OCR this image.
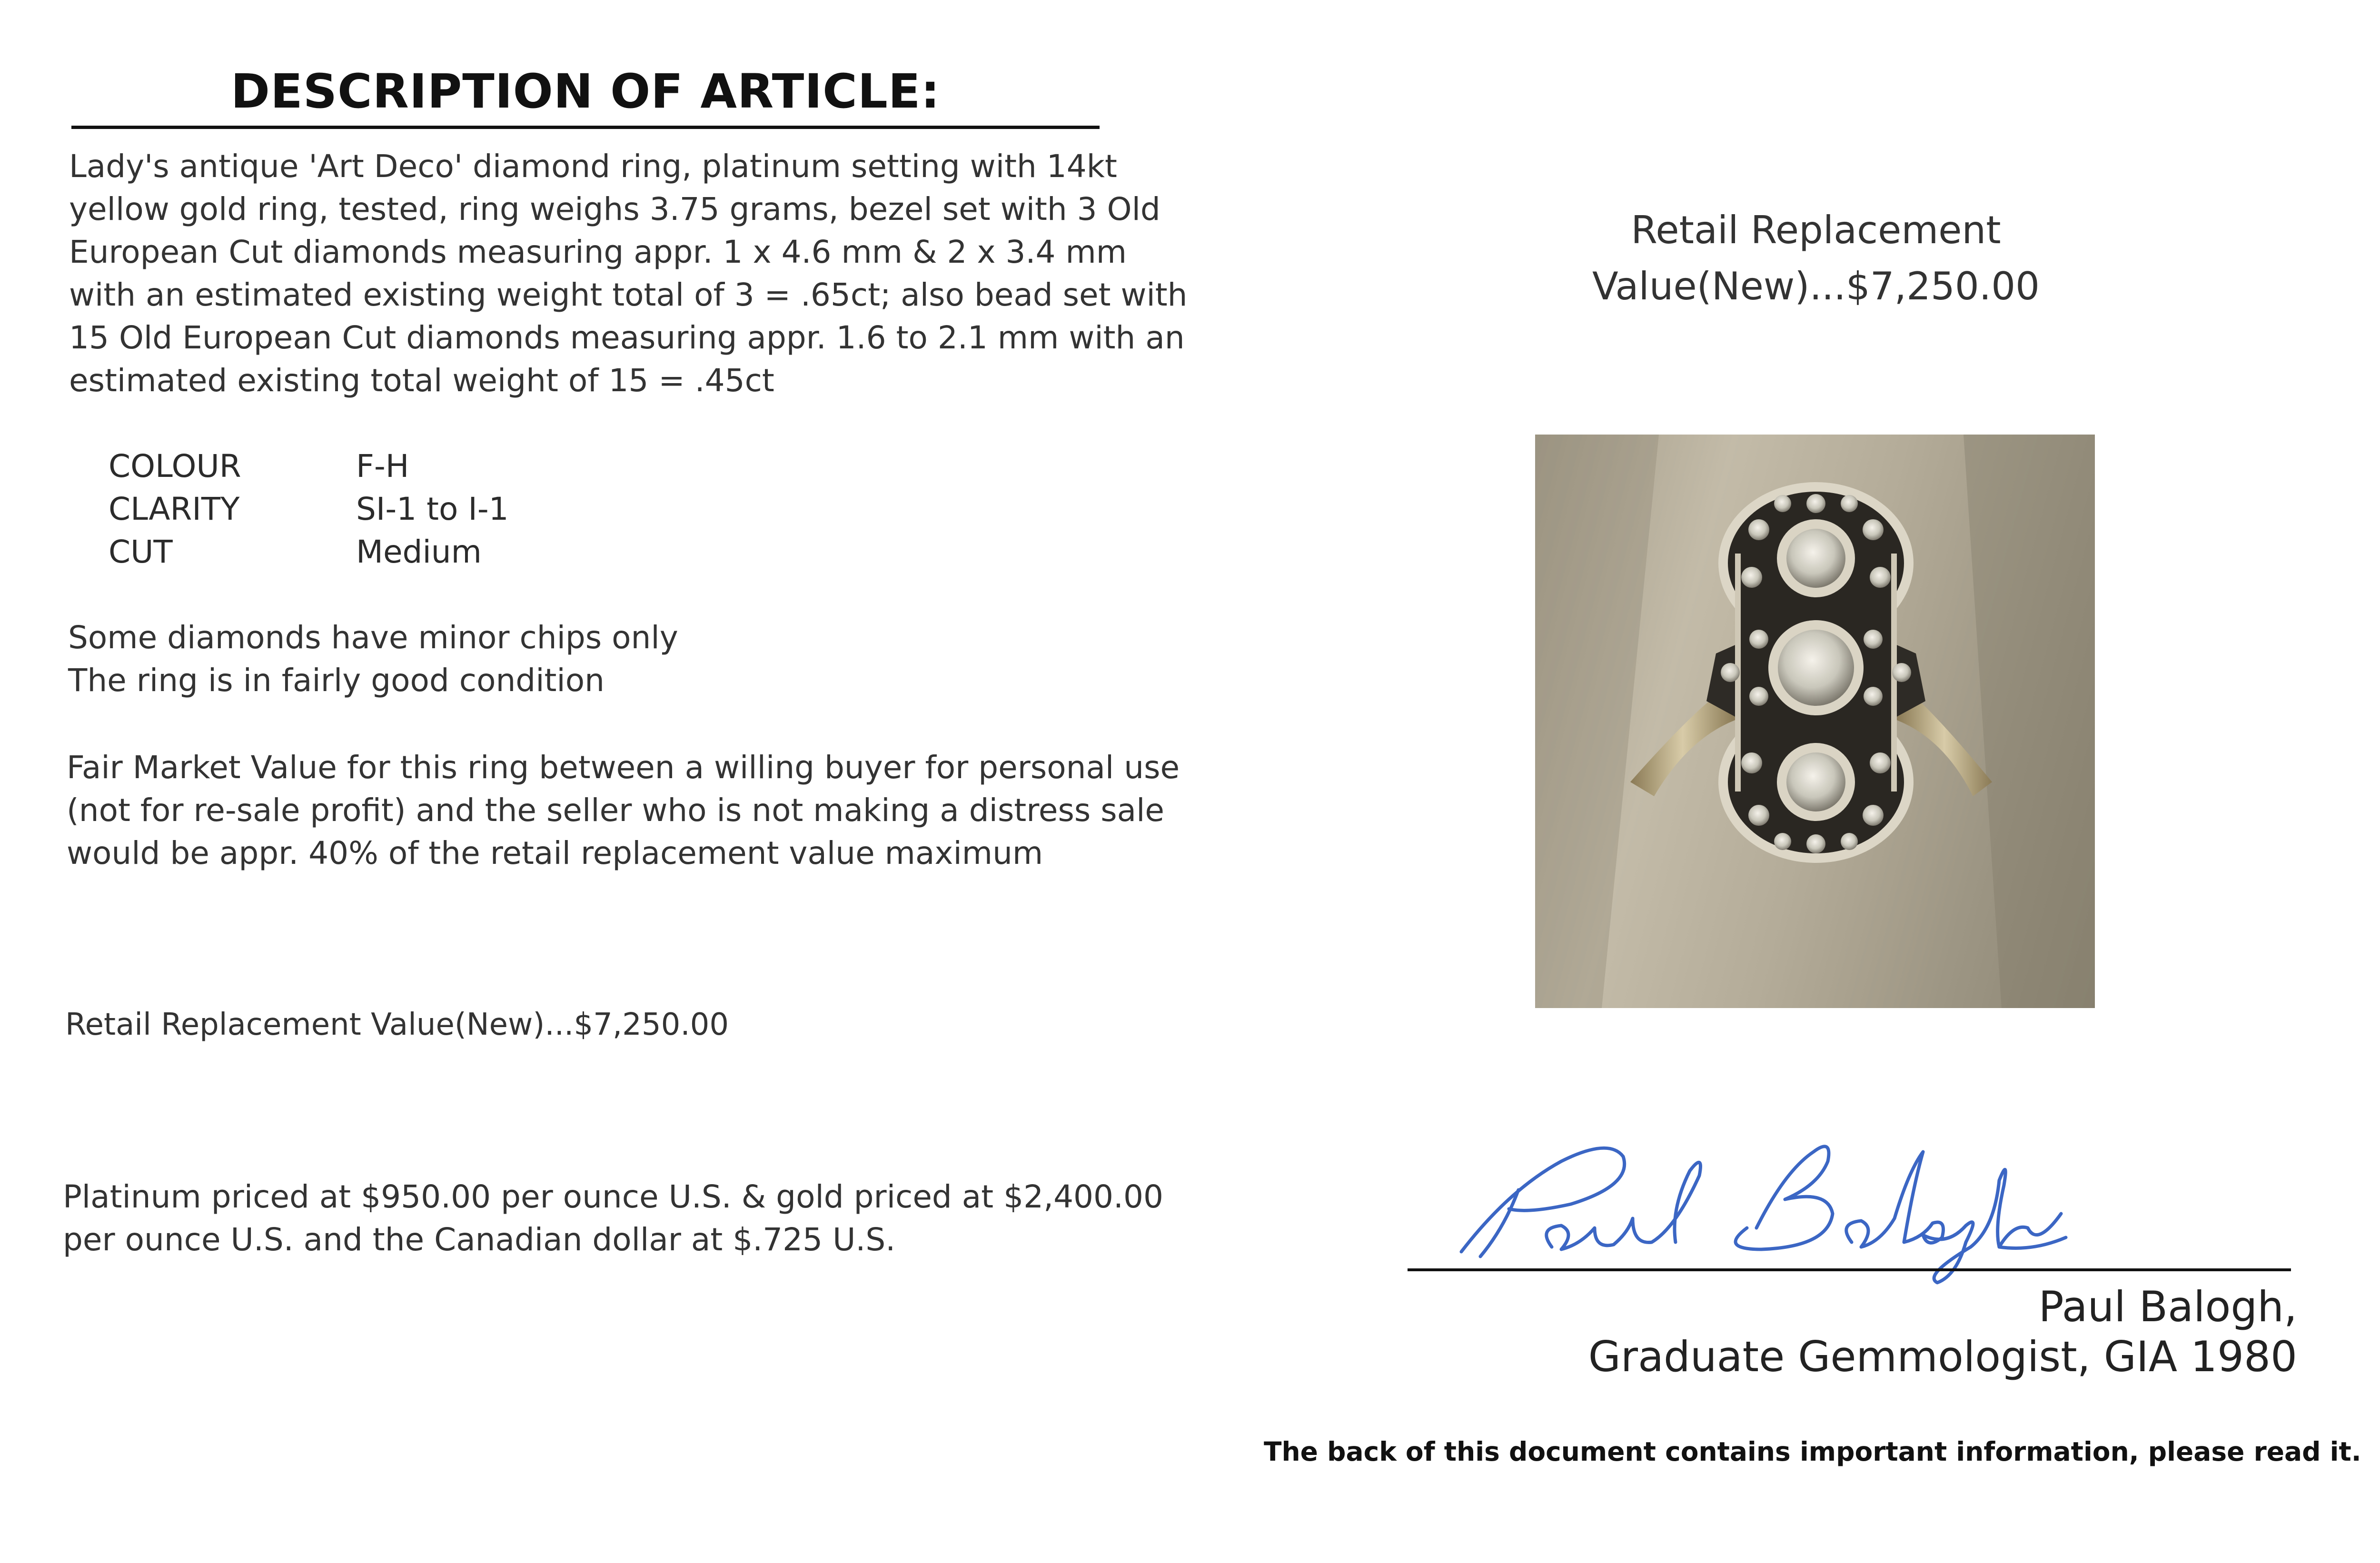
DESCRIPTION OF ARTICLE:

Lady's antique 'Art Deco' diamond ring, platinum setting with 14kt
yellow gold ring, tested, ring weighs 3.75 grams, bezel set with 3 Old
European Cut diamonds measuring appr. 1 x 4.6 mm & 2 x 3.4 mm
with an estimated existing weight total of 3 = .65ct; also bead set with
15 Old European Cut diamonds measuring appr. 1.6 to 2.1 mm with an
estimated existing total weight of 15 = .45ct

COLOUR	F-H
CLARITY	SI-1 to I-1
CUT	Medium

Some diamonds have minor chips only
The ring is in fairly good condition

Fair Market Value for this ring between a willing buyer for personal use
(not for re-sale profit) and the seller who is not making a distress sale
would be appr. 40% of the retail replacement value maximum

Retail Replacement Value(New)...$7,250.00

Platinum priced at $950.00 per ounce U.S. & gold priced at $2,400.00
per ounce U.S. and the Canadian dollar at $.725 U.S.

Retail Replacement
Value(New)...$7,250.00
Paul Balogh,
Graduate Gemmologist, GIA 1980
The back of this document contains important information, please read it.
